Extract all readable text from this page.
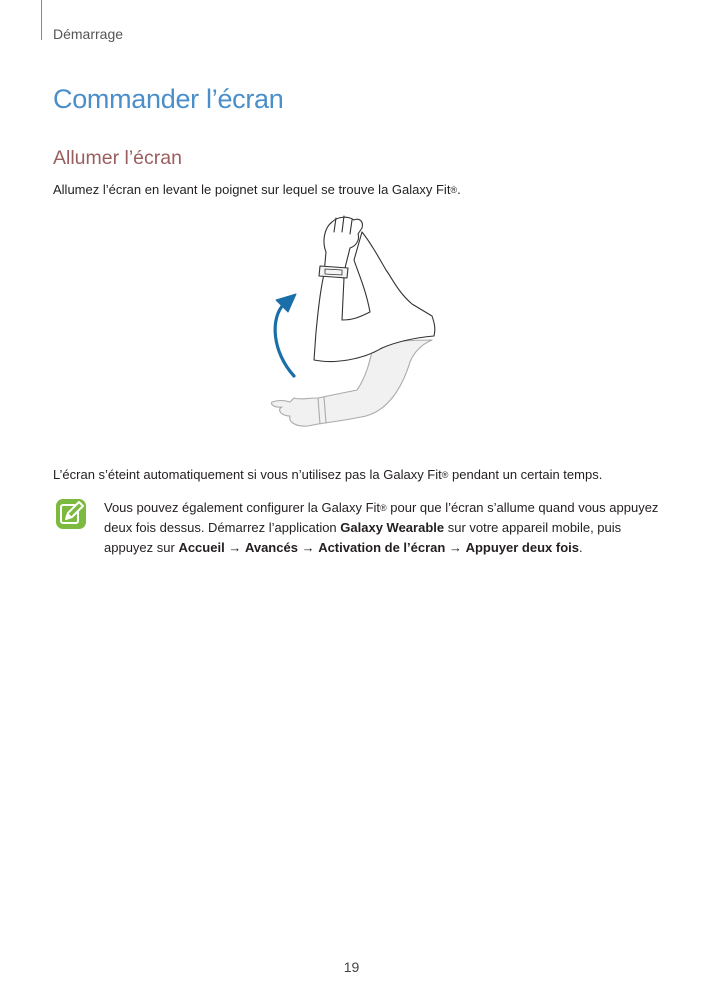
Démarrage
Commander l’écran
Allumer l’écran

Allumez l’écran en levant le poignet sur lequel se trouve la Galaxy Fit®.

L’écran s’éteint automatiquement si vous n’utilisez pas la Galaxy Fit® pendant un certain temps.

Vous pouvez également configurer la Galaxy Fit® pour que l’écran s’allume quand vous appuyez deux fois dessus. Démarrez l’application Galaxy Wearable sur votre appareil mobile, puis appuyez sur Accueil → Avancés → Activation de l’écran → Appuyer deux fois.

19
